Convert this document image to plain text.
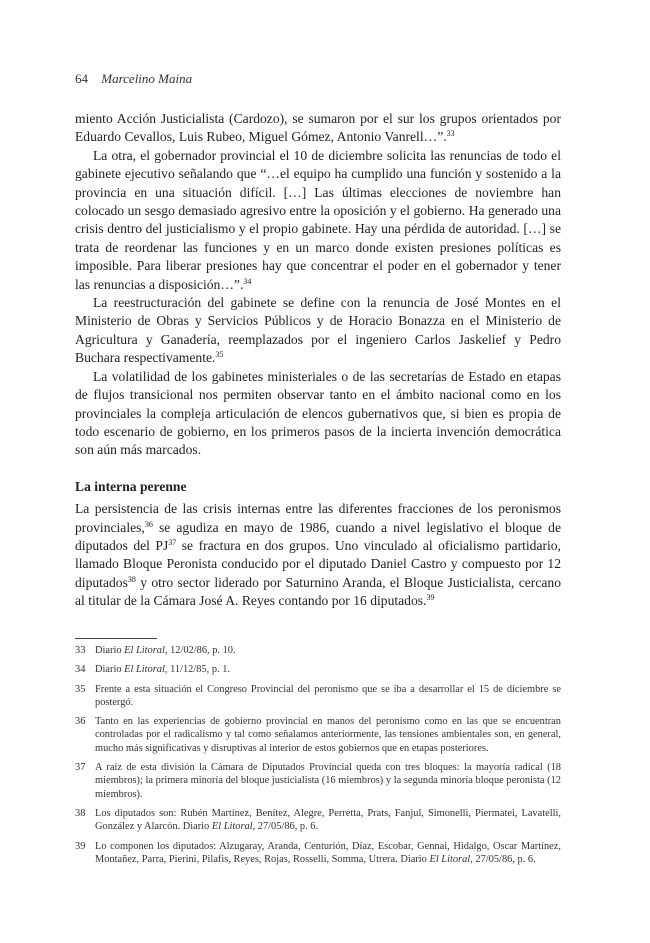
64 Marcelino Maina

miento Acción Justicialista (Cardozo), se sumaron por el sur los grupos orientados por Eduardo Cevallos, Luis Rubeo, Miguel Gómez, Antonio Vanrell…”.$^{33}$

La otra, el gobernador provincial el 10 de diciembre solicita las renuncias de todo el gabinete ejecutivo señalando que “…el equipo ha cumplido una función y sostenido a la provincia en una situación difícil. […] Las últimas elecciones de noviembre han colocado un sesgo demasiado agresivo entre la oposición y el gobierno. Ha generado una crisis dentro del justicialismo y el propio gabinete. Hay una pérdida de autoridad. […] se trata de reordenar las funciones y en un marco donde existen presiones políticas es imposible. Para liberar presiones hay que concentrar el poder en el gobernador y tener las renuncias a disposición…”.$^{34}$

La reestructuración del gabinete se define con la renuncia de José Montes en el Ministerio de Obras y Servicios Públicos y de Horacio Bonazza en el Ministerio de Agricultura y Ganadería, reemplazados por el ingeniero Carlos Jaskelief y Pedro Buchara respectivamente.$^{35}$

La volatilidad de los gabinetes ministeriales o de las secretarías de Estado en etapas de flujos transicional nos permiten observar tanto en el ámbito nacional como en los provinciales la compleja articulación de elencos gubernativos que, si bien es propia de todo escenario de gobierno, en los primeros pasos de la incierta invención democrática son aún más marcados.

La interna perenne

La persistencia de las crisis internas entre las diferentes fracciones de los peronismos provinciales,$^{36}$ se agudiza en mayo de 1986, cuando a nivel legislativo el bloque de diputados del PJ$^{37}$ se fractura en dos grupos. Uno vinculado al oficialismo partidario, llamado Bloque Peronista conducido por el diputado Daniel Castro y compuesto por 12 diputados$^{38}$ y otro sector liderado por Saturnino Aranda, el Bloque Justicialista, cercano al titular de la Cámara José A. Reyes contando por 16 diputados.$^{39}$

33 Diario El Litoral, 12/02/86, p. 10.
34 Diario El Litoral, 11/12/85, p. 1.
35 Frente a esta situación el Congreso Provincial del peronismo que se iba a desarrollar el 15 de diciembre se postergó.
36 Tanto en las experiencias de gobierno provincial en manos del peronismo como en las que se encuentran controladas por el radicalismo y tal como señalamos anteriormente, las tensiones ambientales son, en general, mucho más significativas y disruptivas al interior de estos gobiernos que en etapas posteriores.
37 A raíz de esta división la Cámara de Diputados Provincial queda con tres bloques: la mayoría radical (18 miembros); la primera minoría del bloque justicialista (16 miembros) y la segunda minoría bloque peronista (12 miembros).
38 Los diputados son: Rubén Martínez, Benítez, Alegre, Perretta, Prats, Fanjul, Simonelli, Piermatei, Lavatelli, González y Alarcón. Diario El Litoral, 27/05/86, p. 6.
39 Lo componen los diputados: Alzugaray, Aranda, Centurión, Díaz, Escobar, Gennai, Hidalgo, Oscar Martínez, Montañez, Parra, Pierini, Pilafis, Reyes, Rojas, Rosselli, Somma, Utrera. Diario El Litoral, 27/05/86, p. 6.
